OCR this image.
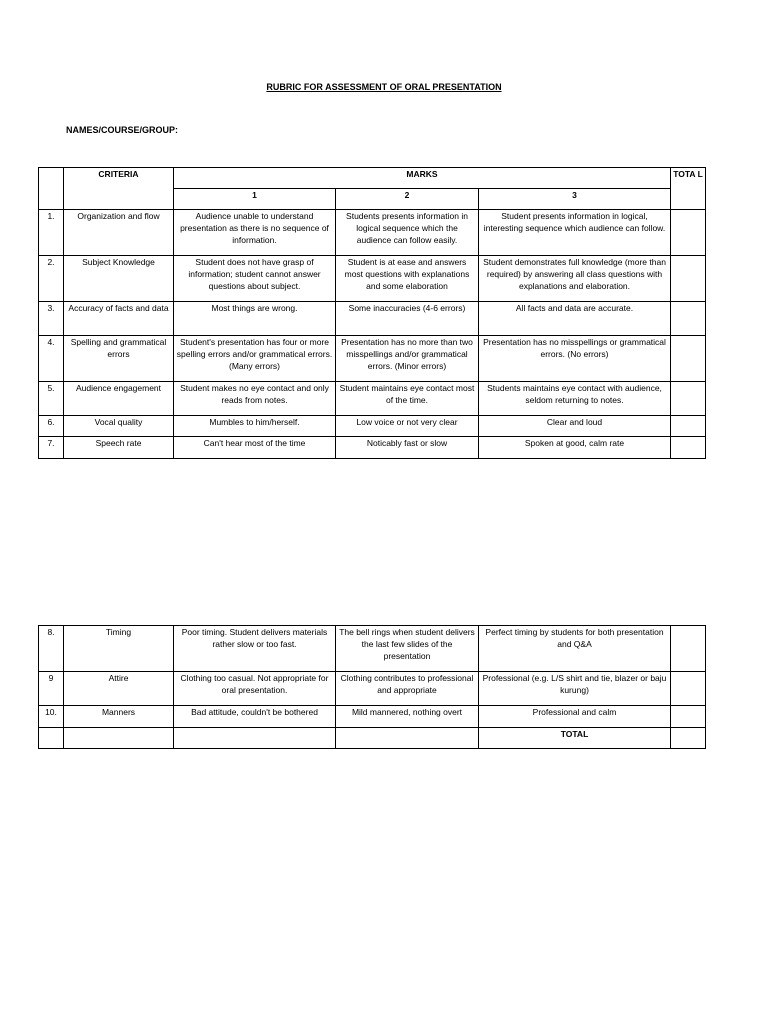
RUBRIC FOR ASSESSMENT OF ORAL PRESENTATION
NAMES/COURSE/GROUP:
	CRITERIA	MARKS			TOTA L
		1	2	3	
1.	Organization and flow	Audience unable to understand presentation as there is no sequence of information.	Students presents information in logical sequence which the audience can follow easily.	Student presents information in logical, interesting sequence which audience can follow.	
2.	Subject Knowledge	Student does not have grasp of information; student cannot answer questions about subject.	Student is at ease and answers most questions with explanations and some elaboration	Student demonstrates full knowledge (more than required) by answering all class questions with explanations and elaboration.	
3.	Accuracy of facts and data	Most things are wrong.	Some inaccuracies (4-6 errors)	All facts and data are accurate.	
4.	Spelling and grammatical errors	Student's presentation has four or more spelling errors and/or grammatical errors. (Many errors)	Presentation has no more than two misspellings and/or grammatical errors. (Minor errors)	Presentation has no misspellings or grammatical errors. (No errors)	
5.	Audience engagement	Student makes no eye contact and only reads from notes.	Student maintains eye contact most of the time.	Students maintains eye contact with audience, seldom returning to notes.	
6.	Vocal quality	Mumbles to him/herself.	Low voice or not very clear	Clear and loud	
7.	Speech rate	Can't hear most of the time	Noticably fast or slow	Spoken at good, calm rate	
8.	Timing	Poor timing. Student delivers materials rather slow or too fast.	The bell rings when student delivers the last few slides of the presentation	Perfect timing by students for both presentation and Q&A	
9	Attire	Clothing too casual. Not appropriate for oral presentation.	Clothing contributes to professional and appropriate	Professional (e.g. L/S shirt and tie, blazer or baju kurung)	
10.	Manners	Bad attitude, couldn't be bothered	Mild mannered, nothing overt	Professional and calm	
				TOTAL	
